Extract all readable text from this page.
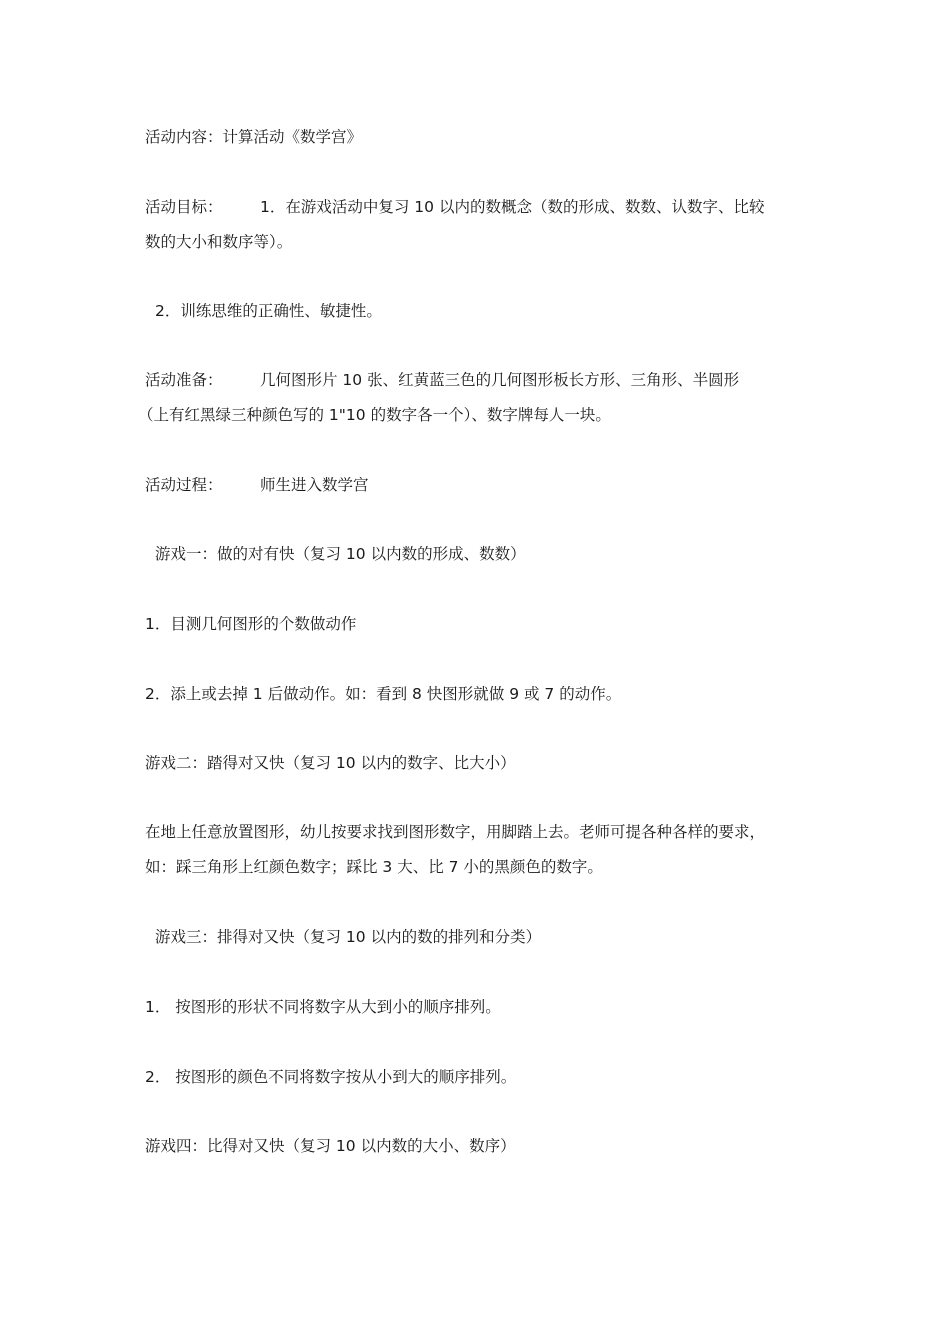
活动内容：计算活动《数学宫》
活动目标： 1．在游戏活动中复习 10 以内的数概念（数的形成、数数、认数字、比较
数的大小和数序等）。
2．训练思维的正确性、敏捷性。
活动准备： 几何图形片 10 张、红黄蓝三色的几何图形板长方形、三角形、半圆形
（上有红黑绿三种颜色写的 1"10 的数字各一个）、数字牌每人一块。
活动过程： 师生进入数学宫
游戏一：做的对有快（复习 10 以内数的形成、数数）
1．目测几何图形的个数做动作
2．添上或去掉 1 后做动作。如：看到 8 快图形就做 9 或 7 的动作。
游戏二：踏得对又快（复习 10 以内的数字、比大小）
在地上任意放置图形，幼儿按要求找到图形数字，用脚踏上去。老师可提各种各样的要求，
如：踩三角形上红颜色数字；踩比 3 大、比 7 小的黑颜色的数字。
游戏三：排得对又快（复习 10 以内的数的排列和分类）
1． 按图形的形状不同将数字从大到小的顺序排列。
2． 按图形的颜色不同将数字按从小到大的顺序排列。
游戏四：比得对又快（复习 10 以内数的大小、数序）
